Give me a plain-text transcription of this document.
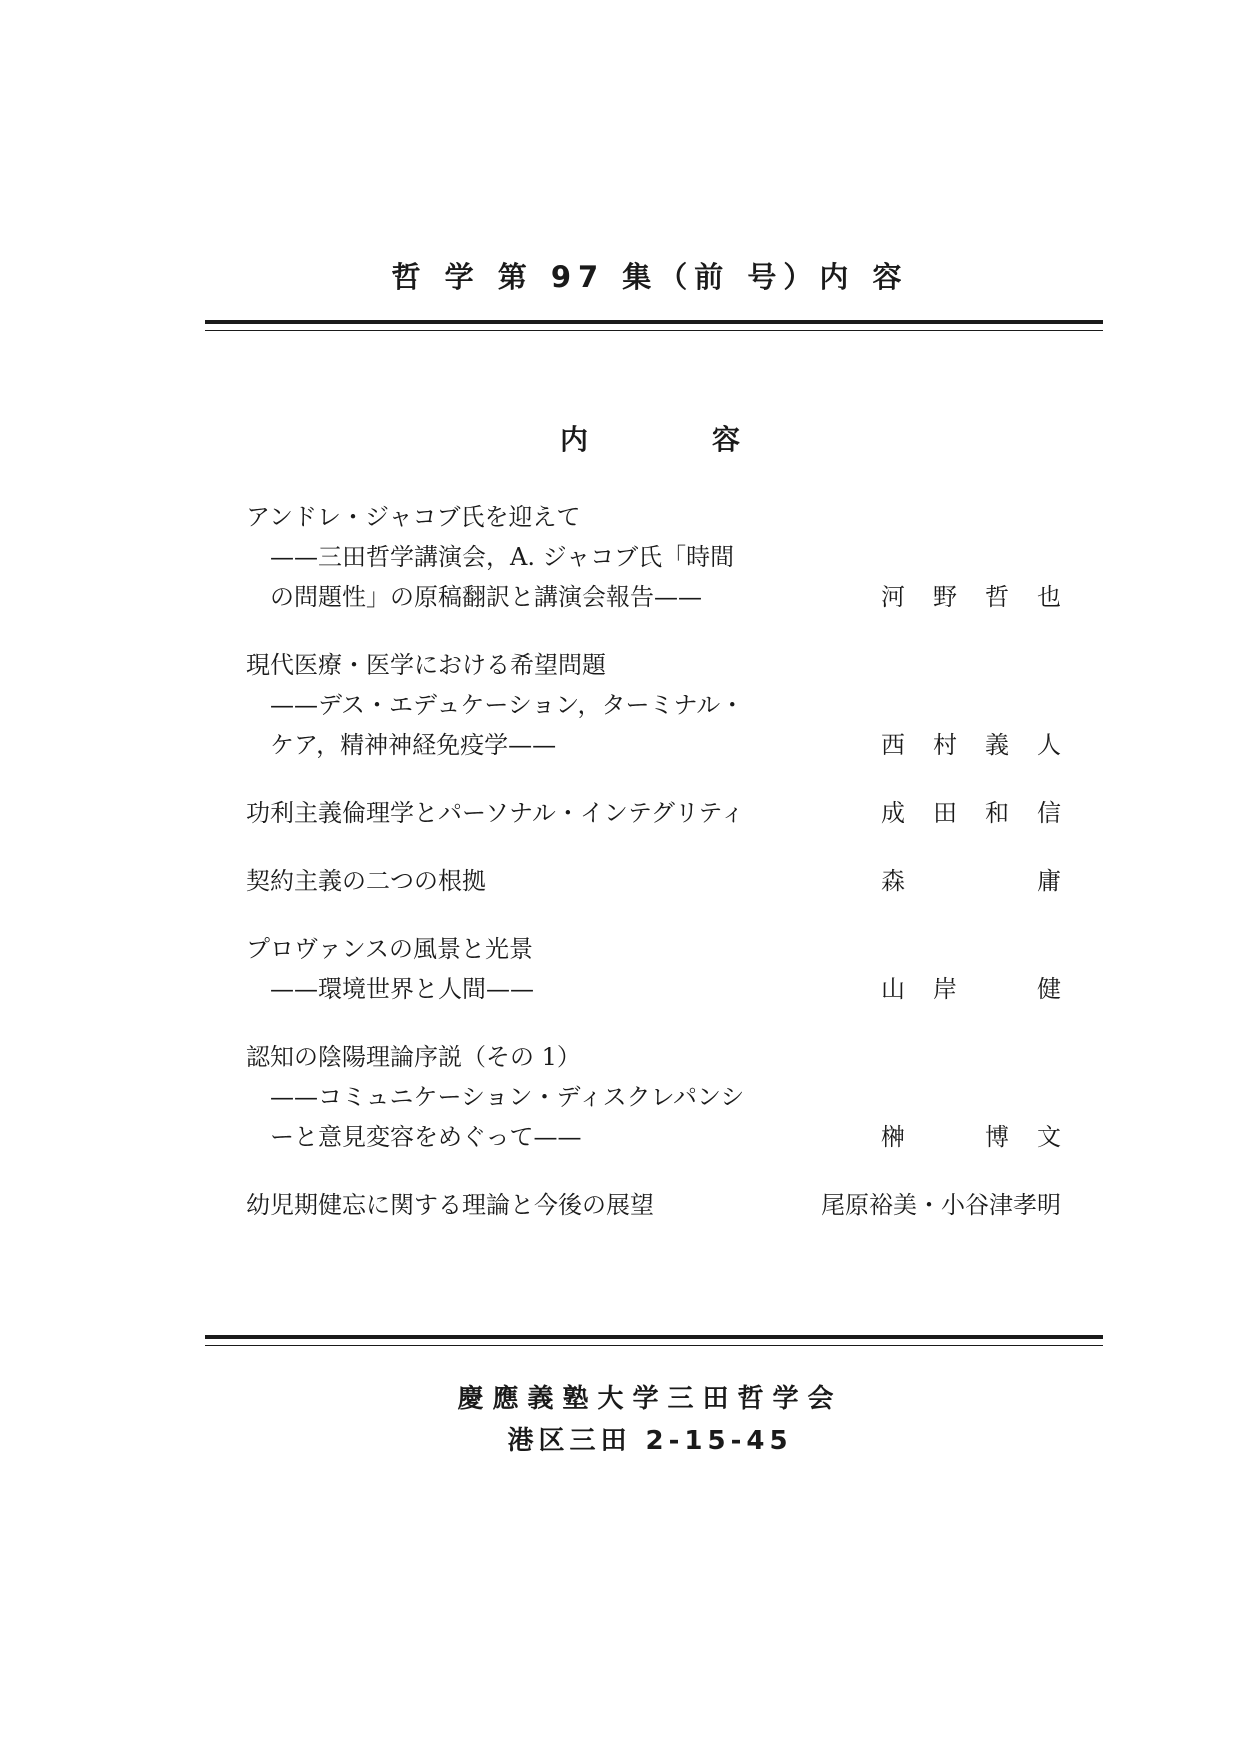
哲 学 第 97 集（前 号）内 容
内	容
アンドレ・ジャコブ氏を迎えて
——三田哲学講演会，A. ジャコブ氏「時間
の問題性」の原稿翻訳と講演会報告——	河野哲也
現代医療・医学における希望問題
——デス・エデュケーション，ターミナル・
ケア，精神神経免疫学——	西村義人
功利主義倫理学とパーソナル・インテグリティ	成田和信
契約主義の二つの根拠	森　庸
プロヴァンスの風景と光景
——環境世界と人間——	山岸　健
認知の陰陽理論序説（その 1）
——コミュニケーション・ディスクレパンシ
ーと意見変容をめぐって——	榊　博文
幼児期健忘に関する理論と今後の展望	尾原裕美・小谷津孝明
慶應義塾大学三田哲学会
港区三田 2-15-45
